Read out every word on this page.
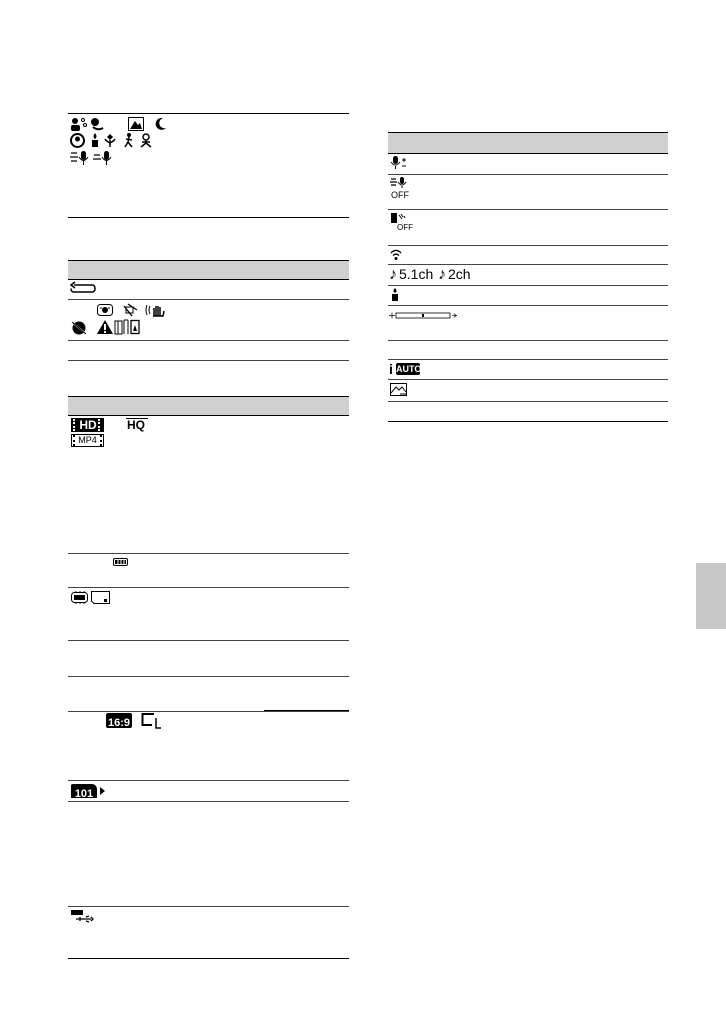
HD	HQ
MP4
16:9
101
OFF
OFF
♪ 5.1ch ♪ 2ch
i AUTO
